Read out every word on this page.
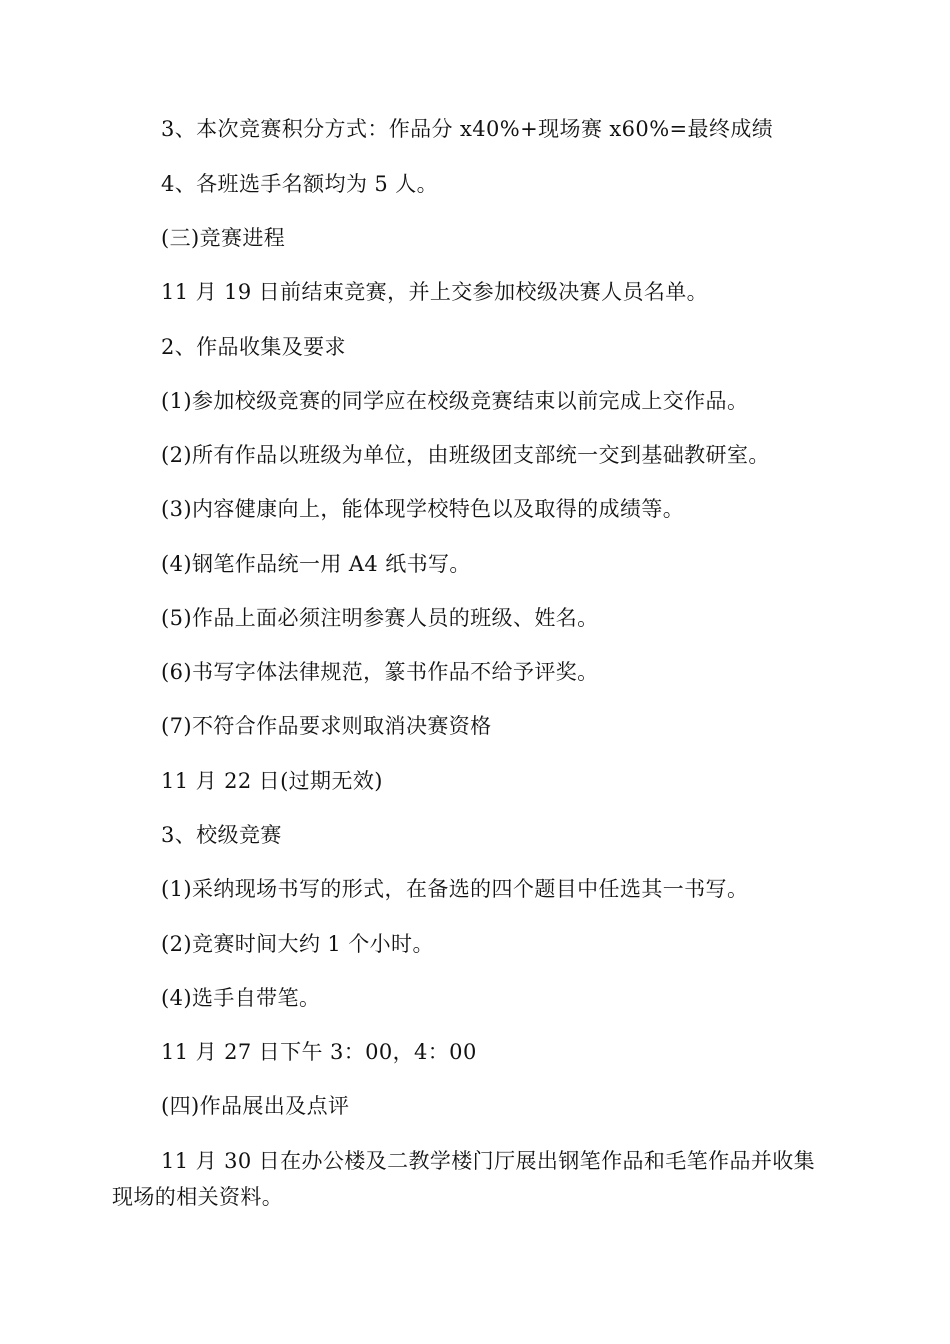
3、本次竞赛积分方式：作品分 x40%+现场赛 x60%=最终成绩

4、各班选手名额均为 5 人。

(三)竞赛进程

11 月 19 日前结束竞赛，并上交参加校级决赛人员名单。

2、作品收集及要求

(1)参加校级竞赛的同学应在校级竞赛结束以前完成上交作品。

(2)所有作品以班级为单位，由班级团支部统一交到基础教研室。

(3)内容健康向上，能体现学校特色以及取得的成绩等。

(4)钢笔作品统一用 A4 纸书写。

(5)作品上面必须注明参赛人员的班级、姓名。

(6)书写字体法律规范，篆书作品不给予评奖。

(7)不符合作品要求则取消决赛资格

11 月 22 日(过期无效)

3、校级竞赛

(1)采纳现场书写的形式，在备选的四个题目中任选其一书写。

(2)竞赛时间大约 1 个小时。

(4)选手自带笔。

11 月 27 日下午 3：00，4：00

(四)作品展出及点评

11 月 30 日在办公楼及二教学楼门厅展出钢笔作品和毛笔作品并收集现场的相关资料。
